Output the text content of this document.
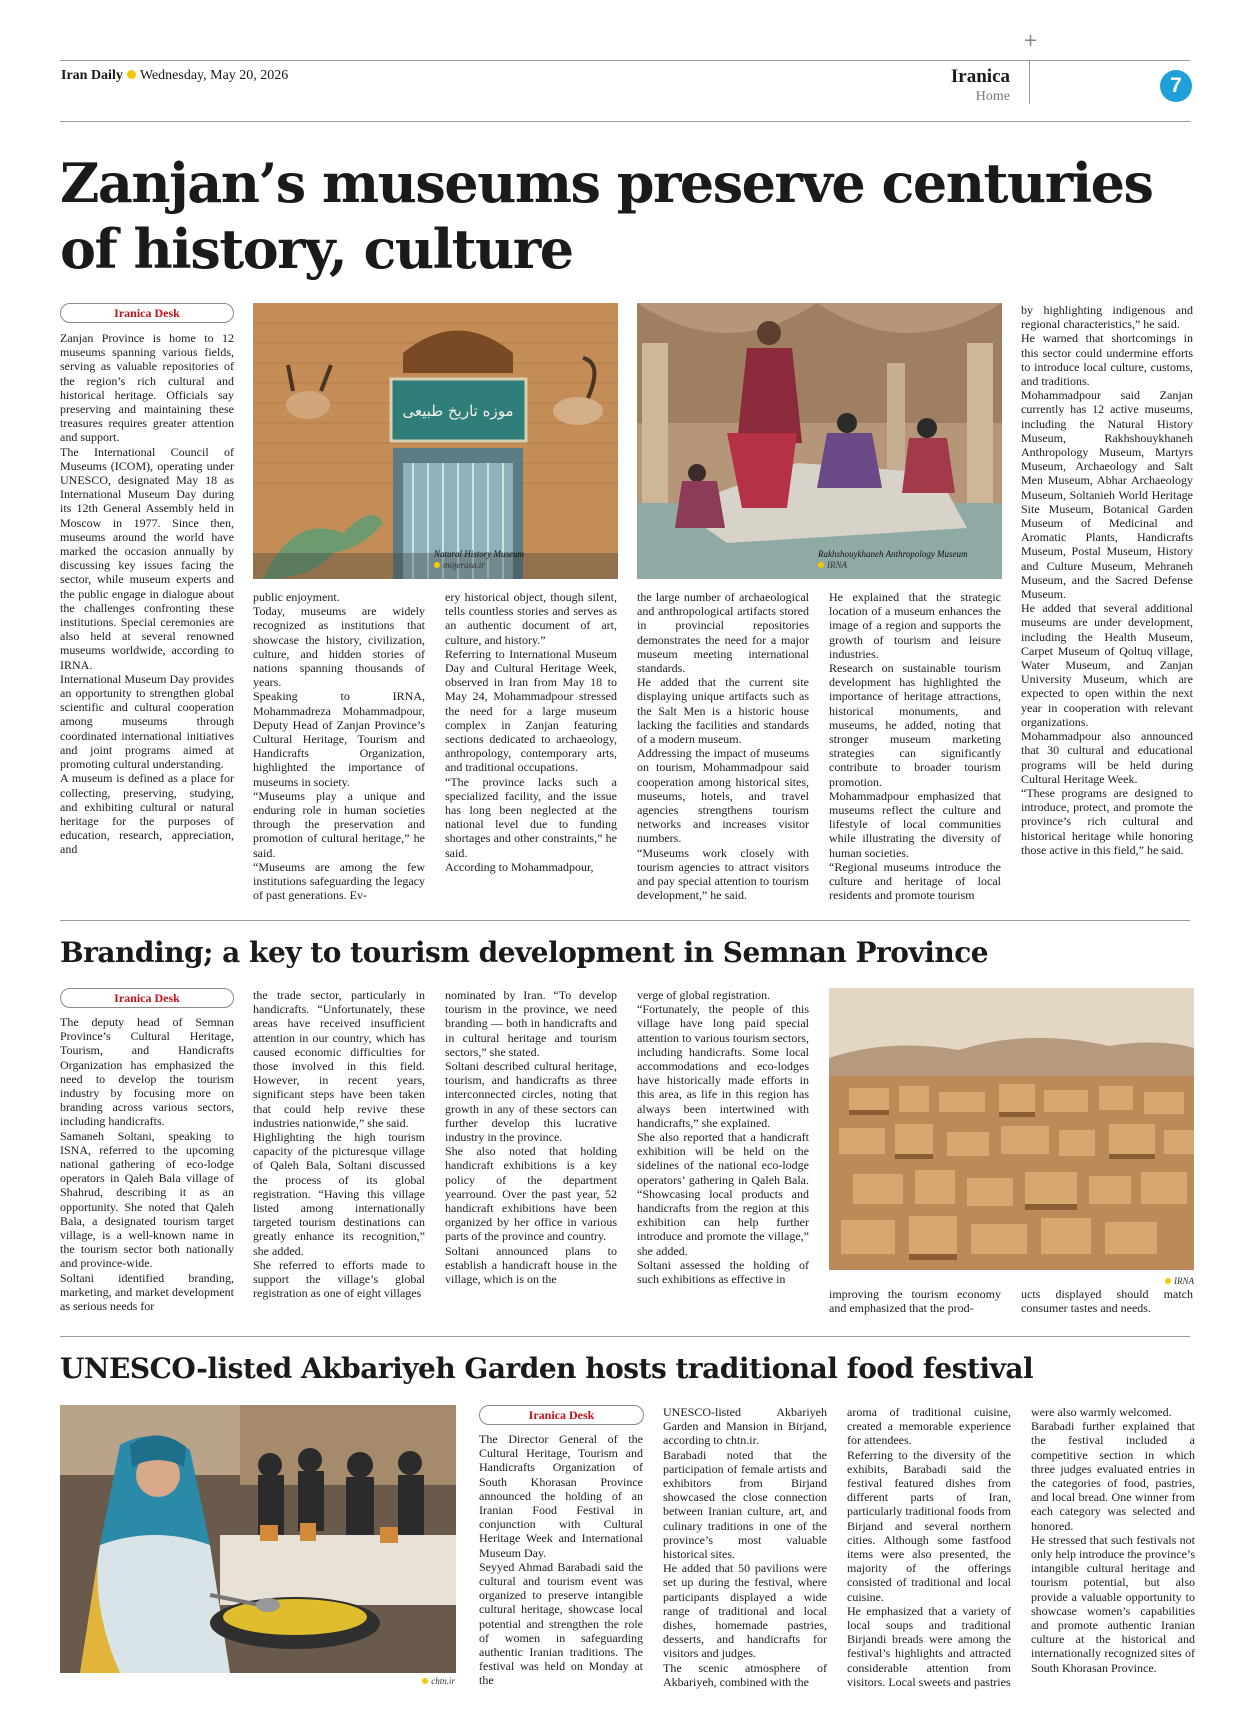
Iran Daily Wednesday, May 20, 2026	Iranica
Home
+
7
Zanjan’s museums preserve centuries
of history, culture
Iranica Desk

Zanjan Province is home to 12 museums spanning various fields, serving as valuable repositories of the region’s rich cultural and historical heritage. Officials say preserving and maintaining these treasures requires greater attention and support.

The International Council of Museums (ICOM), operating under UNESCO, designated May 18 as International Museum Day during its 12th General Assembly held in Moscow in 1977. Since then, museums around the world have marked the occasion annually by discussing key issues facing the sector, while museum experts and the public engage in dialogue about the challenges confronting these institutions. Special ceremonies are also held at several renowned museums worldwide, according to IRNA.

International Museum Day provides an opportunity to strengthen global scientific and cultural cooperation among museums through coordinated international initiatives and joint programs aimed at promoting cultural understanding.

A museum is defined as a place for collecting, preserving, studying, and exhibiting cultural or natural heritage for the purposes of education, research, appreciation, and

موزه تاریخ طبیعی
Natural History Museum
mojerasa.ir
Rakhshouykhaneh Anthropology Museum
IRNA

public enjoyment.

Today, museums are widely recognized as institutions that showcase the history, civilization, culture, and hidden stories of nations spanning thousands of years.

Speaking to IRNA, Mohammadreza Mohammadpour, Deputy Head of Zanjan Province’s Cultural Heritage, Tourism and Handicrafts Organization, highlighted the importance of museums in society.

“Museums play a unique and enduring role in human societies through the preservation and promotion of cultural heritage,” he said.

“Museums are among the few institutions safeguarding the legacy of past generations. Ev-

ery historical object, though silent, tells countless stories and serves as an authentic document of art, culture, and history.”

Referring to International Museum Day and Cultural Heritage Week, observed in Iran from May 18 to May 24, Mohammadpour stressed the need for a large museum complex in Zanjan featuring sections dedicated to archaeology, anthropology, contemporary arts, and traditional occupations.

“The province lacks such a specialized facility, and the issue has long been neglected at the national level due to funding shortages and other constraints,” he said.

According to Mohammadpour,

the large number of archaeological and anthropological artifacts stored in provincial repositories demonstrates the need for a major museum meeting international standards.

He added that the current site displaying unique artifacts such as the Salt Men is a historic house lacking the facilities and standards of a modern museum.

Addressing the impact of museums on tourism, Mohammadpour said cooperation among historical sites, museums, hotels, and travel agencies strengthens tourism networks and increases visitor numbers.

“Museums work closely with tourism agencies to attract visitors and pay special attention to tourism development,” he said.

He explained that the strategic location of a museum enhances the image of a region and supports the growth of tourism and leisure industries.

Research on sustainable tourism development has highlighted the importance of heritage attractions, historical monuments, and museums, he added, noting that stronger museum marketing strategies can significantly contribute to broader tourism promotion.

Mohammadpour emphasized that museums reflect the culture and lifestyle of local communities while illustrating the diversity of human societies.

“Regional museums introduce the culture and heritage of local residents and promote tourism

by highlighting indigenous and regional characteristics,” he said.

He warned that shortcomings in this sector could undermine efforts to introduce local culture, customs, and traditions.

Mohammadpour said Zanjan currently has 12 active museums, including the Natural History Museum, Rakhshouykhaneh Anthropology Museum, Martyrs Museum, Archaeology and Salt Men Museum, Abhar Archaeology Museum, Soltanieh World Heritage Site Museum, Botanical Garden Museum of Medicinal and Aromatic Plants, Handicrafts Museum, Postal Museum, History and Culture Museum, Mehraneh Museum, and the Sacred Defense Museum.

He added that several additional museums are under development, including the Health Museum, Carpet Museum of Qoltuq village, Water Museum, and Zanjan University Museum, which are expected to open within the next year in cooperation with relevant organizations.

Mohammadpour also announced that 30 cultural and educational programs will be held during Cultural Heritage Week.

“These programs are designed to introduce, protect, and promote the province’s rich cultural and historical heritage while honoring those active in this field,” he said.

Branding; a key to tourism development in Semnan Province
Iranica Desk

The deputy head of Semnan Province’s Cultural Heritage, Tourism, and Handicrafts Organization has emphasized the need to develop the tourism industry by focusing more on branding across various sectors, including handicrafts.

Samaneh Soltani, speaking to ISNA, referred to the upcoming national gathering of eco-lodge operators in Qaleh Bala village of Shahrud, describing it as an opportunity. She noted that Qaleh Bala, a designated tourism target village, is a well-known name in the tourism sector both nationally and province-wide.

Soltani identified branding, marketing, and market development as serious needs for

the trade sector, particularly in handicrafts. “Unfortunately, these areas have received insufficient attention in our country, which has caused economic difficulties for those involved in this field. However, in recent years, significant steps have been taken that could help revive these industries nationwide,” she said.

Highlighting the high tourism capacity of the picturesque village of Qaleh Bala, Soltani discussed the process of its global registration. “Having this village listed among internationally targeted tourism destinations can greatly enhance its recognition,” she added.

She referred to efforts made to support the village’s global registration as one of eight villages

nominated by Iran. “To develop tourism in the province, we need branding — both in handicrafts and in cultural heritage and tourism sectors,” she stated.

Soltani described cultural heritage, tourism, and handicrafts as three interconnected circles, noting that growth in any of these sectors can further develop this lucrative industry in the province.

She also noted that holding handicraft exhibitions is a key policy of the department yearround. Over the past year, 52 handicraft exhibitions have been organized by her office in various parts of the province and country.

Soltani announced plans to establish a handicraft house in the village, which is on the

verge of global registration.

“Fortunately, the people of this village have long paid special attention to various tourism sectors, including handicrafts. Some local accommodations and eco-lodges have historically made efforts in this area, as life in this region has always been intertwined with handicrafts,” she explained.

She also reported that a handicraft exhibition will be held on the sidelines of the national eco-lodge operators’ gathering in Qaleh Bala. “Showcasing local products and handicrafts from the region at this exhibition can help further introduce and promote the village,” she added.

Soltani assessed the holding of such exhibitions as effective in	IRNA

improving the tourism economy and emphasized that the prod-

ucts displayed should match consumer tastes and needs.

UNESCO-listed Akbariyeh Garden hosts traditional food festival
chtn.ir
Iranica Desk

The Director General of the Cultural Heritage, Tourism and Handicrafts Organization of South Khorasan Province announced the holding of an Iranian Food Festival in conjunction with Cultural Heritage Week and International Museum Day.

Seyyed Ahmad Barabadi said the cultural and tourism event was organized to preserve intangible cultural heritage, showcase local potential and strengthen the role of women in safeguarding authentic Iranian traditions. The festival was held on Monday at the

UNESCO-listed Akbariyeh Garden and Mansion in Birjand, according to chtn.ir.

Barabadi noted that the participation of female artists and exhibitors from Birjand showcased the close connection between Iranian culture, art, and culinary traditions in one of the province’s most valuable historical sites.

He added that 50 pavilions were set up during the festival, where participants displayed a wide range of traditional and local dishes, homemade pastries, desserts, and handicrafts for visitors and judges.

The scenic atmosphere of Akbariyeh, combined with the

aroma of traditional cuisine, created a memorable experience for attendees.

Referring to the diversity of the exhibits, Barabadi said the festival featured dishes from different parts of Iran, particularly traditional foods from Birjand and several northern cities. Although some fastfood items were also presented, the majority of the offerings consisted of traditional and local cuisine.

He emphasized that a variety of local soups and traditional Birjandi breads were among the festival’s highlights and attracted considerable attention from visitors. Local sweets and pastries

were also warmly welcomed.

Barabadi further explained that the festival included a competitive section in which three judges evaluated entries in the categories of food, pastries, and local bread. One winner from each category was selected and honored.

He stressed that such festivals not only help introduce the province’s intangible cultural heritage and tourism potential, but also provide a valuable opportunity to showcase women’s capabilities and promote authentic Iranian culture at the historical and internationally recognized sites of South Khorasan Province.
